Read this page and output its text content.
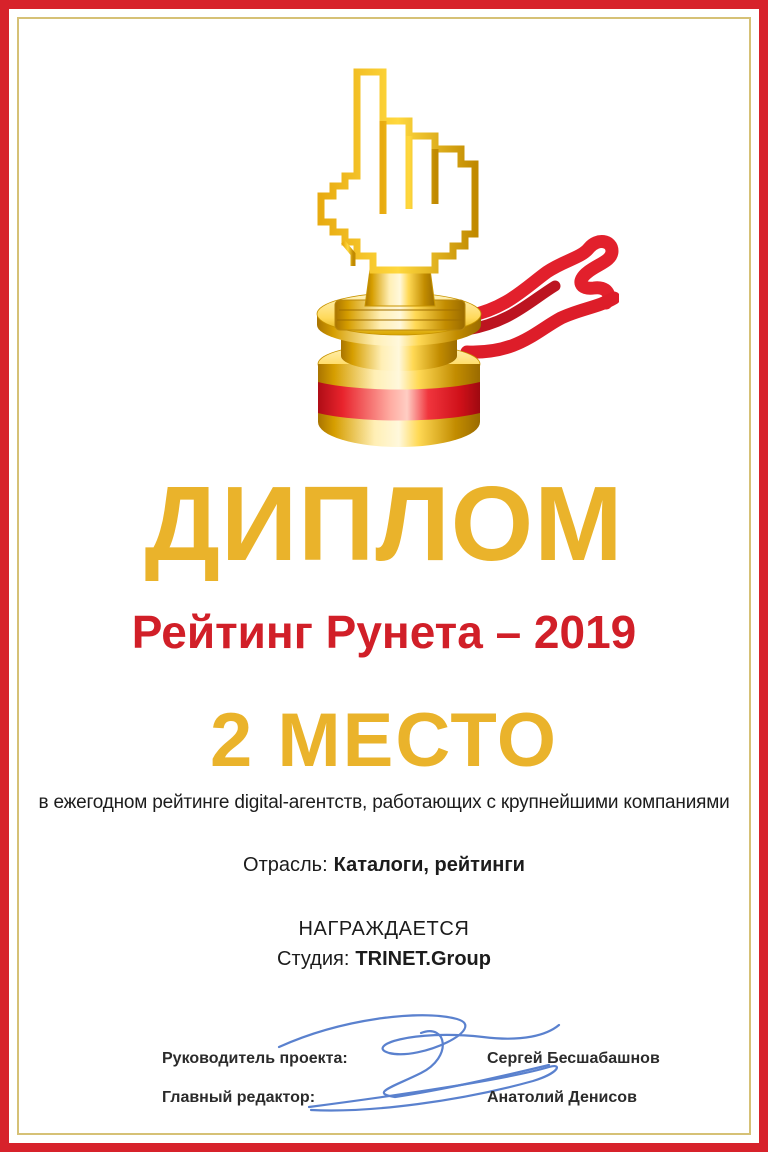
ДИПЛОМ
Рейтинг Рунета – 2019
2 МЕСТО
в ежегодном рейтинге digital-агентств, работающих с крупнейшими компаниями
Отрасль: Каталоги, рейтинги
НАГРАЖДАЕТСЯ
Студия: TRINET.Group
Руководитель проекта:	Сергей Бесшабашнов
Главный редактор:	Анатолий Денисов
